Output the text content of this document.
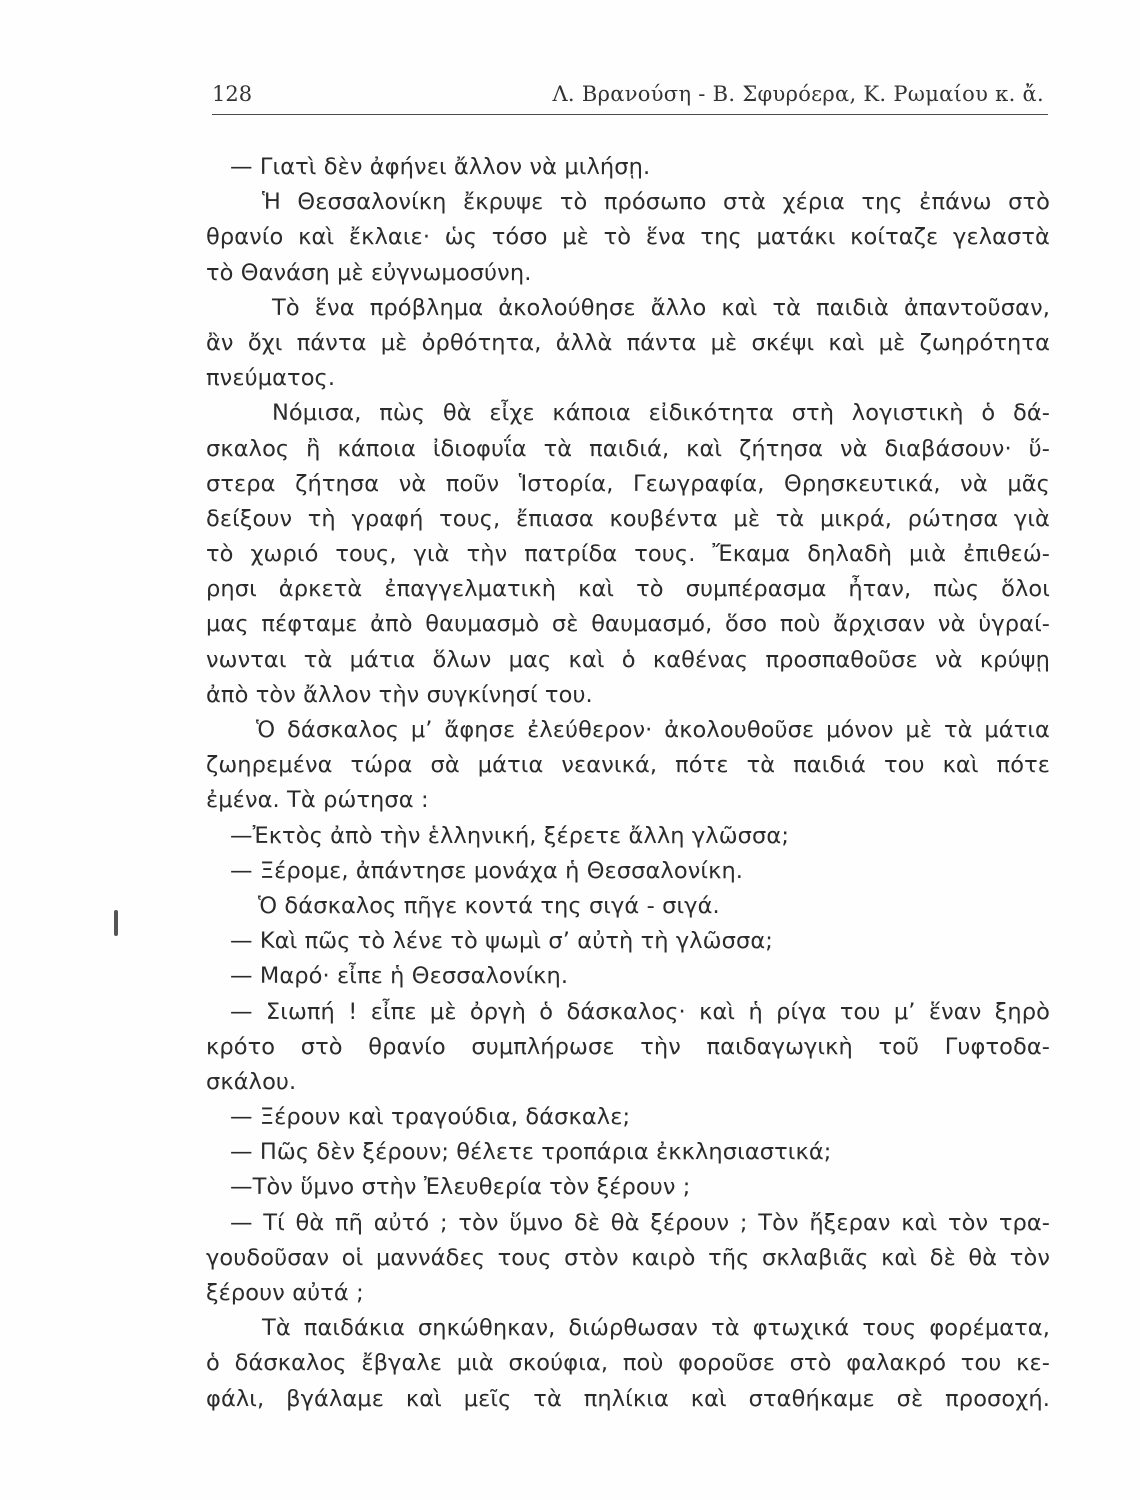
128	Λ. Βρανούση - Β. Σφυρόερα, Κ. Ρωμαίου κ. ἄ.
— Γιατὶ δὲν ἀφήνει ἄλλον νὰ μιλήσῃ.
Ἡ Θεσσαλονίκη ἔκρυψε τὸ πρόσωπο στὰ χέρια της ἐπάνω στὸ
θρανίο καὶ ἔκλαιε· ὡς τόσο μὲ τὸ ἕνα της ματάκι κοίταζε γελαστὰ
τὸ Θανάση μὲ εὐγνωμοσύνη.
Τὸ ἕνα πρόβλημα ἀκολούθησε ἄλλο καὶ τὰ παιδιὰ ἀπαντοῦσαν,
ἂν ὄχι πάντα μὲ ὀρθότητα, ἀλλὰ πάντα μὲ σκέψι καὶ μὲ ζωηρότητα
πνεύματος.
Νόμισα, πὼς θὰ εἶχε κάποια εἰδικότητα στὴ λογιστικὴ ὁ δά-
σκαλος ἢ κάποια ἰδιοφυΐα τὰ παιδιά, καὶ ζήτησα νὰ διαβάσουν· ὕ-
στερα ζήτησα νὰ ποῦν Ἱστορία, Γεωγραφία, Θρησκευτικά, νὰ μᾶς
δείξουν τὴ γραφή τους, ἔπιασα κουβέντα μὲ τὰ μικρά, ρώτησα γιὰ
τὸ χωριό τους, γιὰ τὴν πατρίδα τους. Ἔκαμα δηλαδὴ μιὰ ἐπιθεώ-
ρησι ἀρκετὰ ἐπαγγελματικὴ καὶ τὸ συμπέρασμα ἦταν, πὼς ὅλοι
μας πέφταμε ἀπὸ θαυμασμὸ σὲ θαυμασμό, ὅσο ποὺ ἄρχισαν νὰ ὑγραί-
νωνται τὰ μάτια ὅλων μας καὶ ὁ καθένας προσπαθοῦσε νὰ κρύψῃ
ἀπὸ τὸν ἄλλον τὴν συγκίνησί του.
Ὁ δάσκαλος μ’ ἄφησε ἐλεύθερον· ἀκολουθοῦσε μόνον μὲ τὰ μάτια
ζωηρεμένα τώρα σὰ μάτια νεανικά, πότε τὰ παιδιά του καὶ πότε
ἐμένα. Τὰ ρώτησα :
—Ἐκτὸς ἀπὸ τὴν ἑλληνική, ξέρετε ἄλλη γλῶσσα;
— Ξέρομε, ἀπάντησε μονάχα ἡ Θεσσαλονίκη.
Ὁ δάσκαλος πῆγε κοντά της σιγά - σιγά.
— Καὶ πῶς τὸ λένε τὸ ψωμὶ σ’ αὐτὴ τὴ γλῶσσα;
— Μαρό· εἶπε ἡ Θεσσαλονίκη.
— Σιωπή ! εἶπε μὲ ὀργὴ ὁ δάσκαλος· καὶ ἡ ρίγα του μ’ ἕναν ξηρὸ
κρότο στὸ θρανίο συμπλήρωσε τὴν παιδαγωγικὴ τοῦ Γυφτοδα-
σκάλου.
— Ξέρουν καὶ τραγούδια, δάσκαλε;
— Πῶς δὲν ξέρουν; θέλετε τροπάρια ἐκκλησιαστικά;
—Τὸν ὕμνο στὴν Ἐλευθερία τὸν ξέρουν ;
— Τί θὰ πῆ αὐτό ; τὸν ὕμνο δὲ θὰ ξέρουν ; Τὸν ἤξεραν καὶ τὸν τρα-
γουδοῦσαν οἱ μαννάδες τους στὸν καιρὸ τῆς σκλαβιᾶς καὶ δὲ θὰ τὸν
ξέρουν αὐτά ;
Τὰ παιδάκια σηκώθηκαν, διώρθωσαν τὰ φτωχικά τους φορέματα,
ὁ δάσκαλος ἔβγαλε μιὰ σκούφια, ποὺ φοροῦσε στὸ φαλακρό του κε-
φάλι, βγάλαμε καὶ μεῖς τὰ πηλίκια καὶ σταθήκαμε σὲ προσοχή.
